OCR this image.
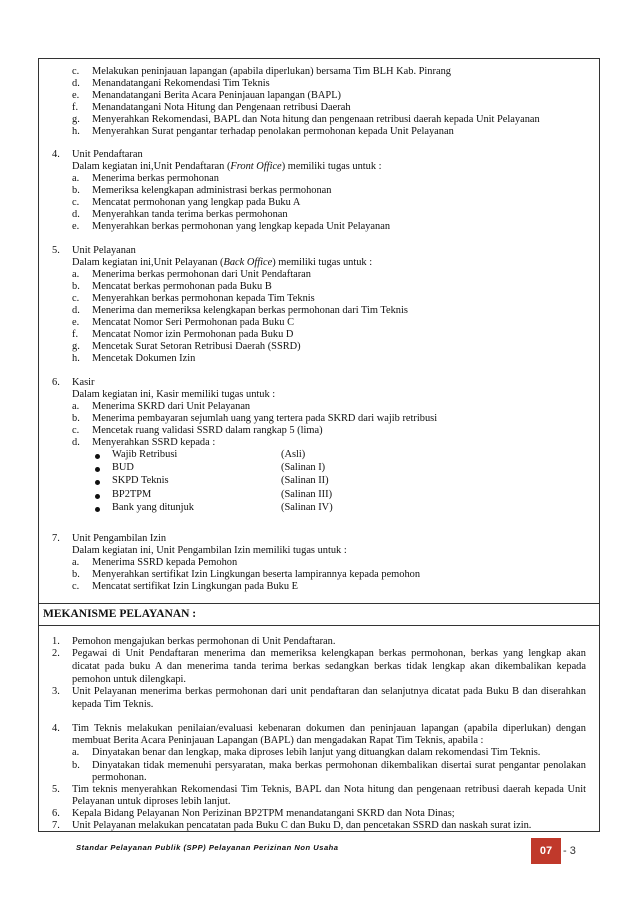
MEKANISME PELAYANAN :
c. Melakukan peninjauan lapangan (apabila diperlukan) bersama Tim BLH Kab. Pinrang
d. Menandatangani Rekomendasi Tim Teknis
e. Menandatangani Berita Acara Peninjauan lapangan (BAPL)
f. Menandatangani Nota Hitung dan Pengenaan retribusi Daerah
g. Menyerahkan Rekomendasi, BAPL dan Nota hitung dan pengenaan retribusi daerah kepada Unit Pelayanan
h. Menyerahkan Surat pengantar terhadap penolakan permohonan kepada Unit Pelayanan
4. Unit Pendaftaran
Dalam kegiatan ini,Unit Pendaftaran (Front Office) memiliki tugas untuk :
a. Menerima berkas permohonan
b. Memeriksa kelengkapan administrasi berkas permohonan
c. Mencatat permohonan yang lengkap pada Buku A
d. Menyerahkan tanda terima berkas permohonan
e. Menyerahkan berkas permohonan yang lengkap kepada Unit Pelayanan
5. Unit Pelayanan
Dalam kegiatan ini,Unit Pelayanan (Back Office) memiliki tugas untuk :
a. Menerima berkas permohonan dari Unit Pendaftaran
b. Mencatat berkas permohonan pada Buku B
c. Menyerahkan berkas permohonan kepada Tim Teknis
d. Menerima dan memeriksa kelengkapan berkas permohonan dari Tim Teknis
e. Mencatat Nomor Seri Permohonan pada Buku C
f. Mencatat Nomor izin Permohonan pada Buku D
g. Mencetak Surat Setoran Retribusi Daerah (SSRD)
h. Mencetak Dokumen Izin
6. Kasir
Dalam kegiatan ini, Kasir memiliki tugas untuk :
a. Menerima SKRD dari Unit Pelayanan
b. Menerima pembayaran sejumlah uang yang tertera pada SKRD dari wajib retribusi
c. Mencetak ruang validasi SSRD dalam rangkap 5 (lima)
d. Menyerahkan SSRD kepada :
Wajib Retribusi	(Asli)
BUD	(Salinan I)
SKPD Teknis	(Salinan II)
BP2TPM	(Salinan III)
Bank yang ditunjuk	(Salinan IV)
7. Unit Pengambilan Izin
Dalam kegiatan ini, Unit Pengambilan Izin memiliki tugas untuk :
a. Menerima SSRD kepada Pemohon
b. Menyerahkan sertifikat Izin Lingkungan beserta lampirannya kepada pemohon
c. Mencatat sertifikat Izin Lingkungan pada Buku E
1. Pemohon mengajukan berkas permohonan di Unit Pendaftaran.
2. Pegawai di Unit Pendaftaran menerima dan memeriksa kelengkapan berkas permohonan, berkas yang lengkap akan
dicatat pada buku A dan menerima tanda terima berkas sedangkan berkas tidak lengkap akan dikembalikan kepada
pemohon untuk dilengkapi.
3. Unit Pelayanan menerima berkas permohonan dari unit pendaftaran dan selanjutnya dicatat pada Buku B dan diserahkan
kepada Tim Teknis.
4. Tim Teknis melakukan penilaian/evaluasi kebenaran dokumen dan peninjauan lapangan (apabila diperlukan) dengan
membuat Berita Acara Peninjauan Lapangan (BAPL) dan mengadakan Rapat Tim Teknis, apabila :
a. Dinyatakan benar dan lengkap, maka diproses lebih lanjut yang dituangkan dalam rekomendasi Tim Teknis.
b. Dinyatakan tidak memenuhi persyaratan, maka berkas permohonan dikembalikan disertai surat pengantar penolakan
permohonan.
5. Tim teknis menyerahkan Rekomendasi Tim Teknis, BAPL dan Nota hitung dan pengenaan retribusi daerah kepada Unit
Pelayanan untuk diproses lebih lanjut.
6. Kepala Bidang Pelayanan Non Perizinan BP2TPM menandatangani SKRD dan Nota Dinas;
7. Unit Pelayanan melakukan pencatatan pada Buku C dan Buku D, dan pencetakan SSRD dan naskah surat izin.
Standar Pelayanan Publik (SPP) Pelayanan Perizinan Non Usaha	07 - 3
